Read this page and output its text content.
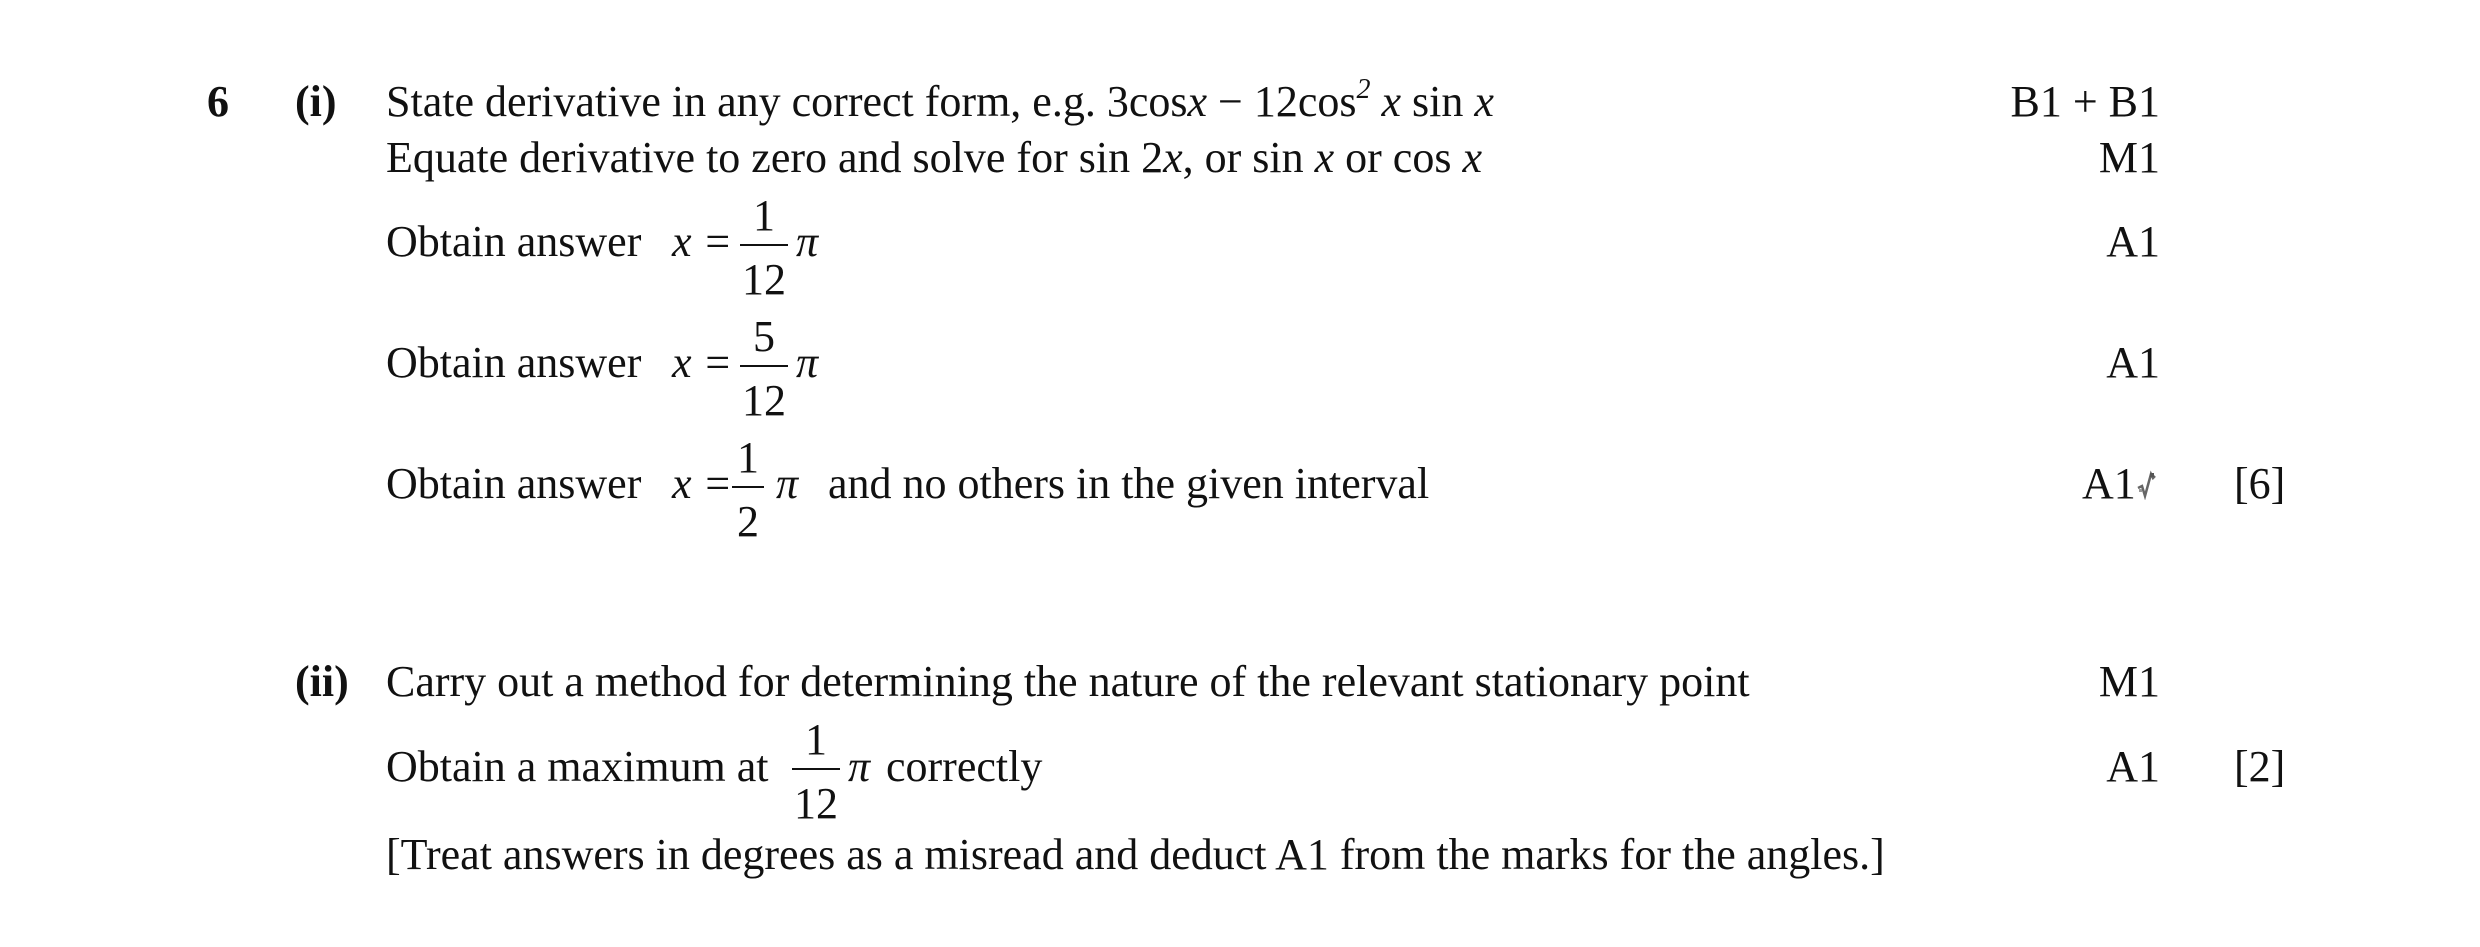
6 (i) State derivative in any correct form, e.g. $3\cos x - 12\cos^2$ x sin x	B1 + B1
Equate derivative to zero and solve for sin 2x, or sin x or cos x	M1
Obtain answer x =
1
12
π	A1
Obtain answer x =
5
12
π	A1
Obtain answer x =
1
2
π and no others in the given interval	A1	[6]
(ii) Carry out a method for determining the nature of the relevant stationary point	M1
Obtain a maximum at
1
12
π correctly	A1 [2]
[Treat answers in degrees as a misread and deduct A1 from the marks for the angles.]
